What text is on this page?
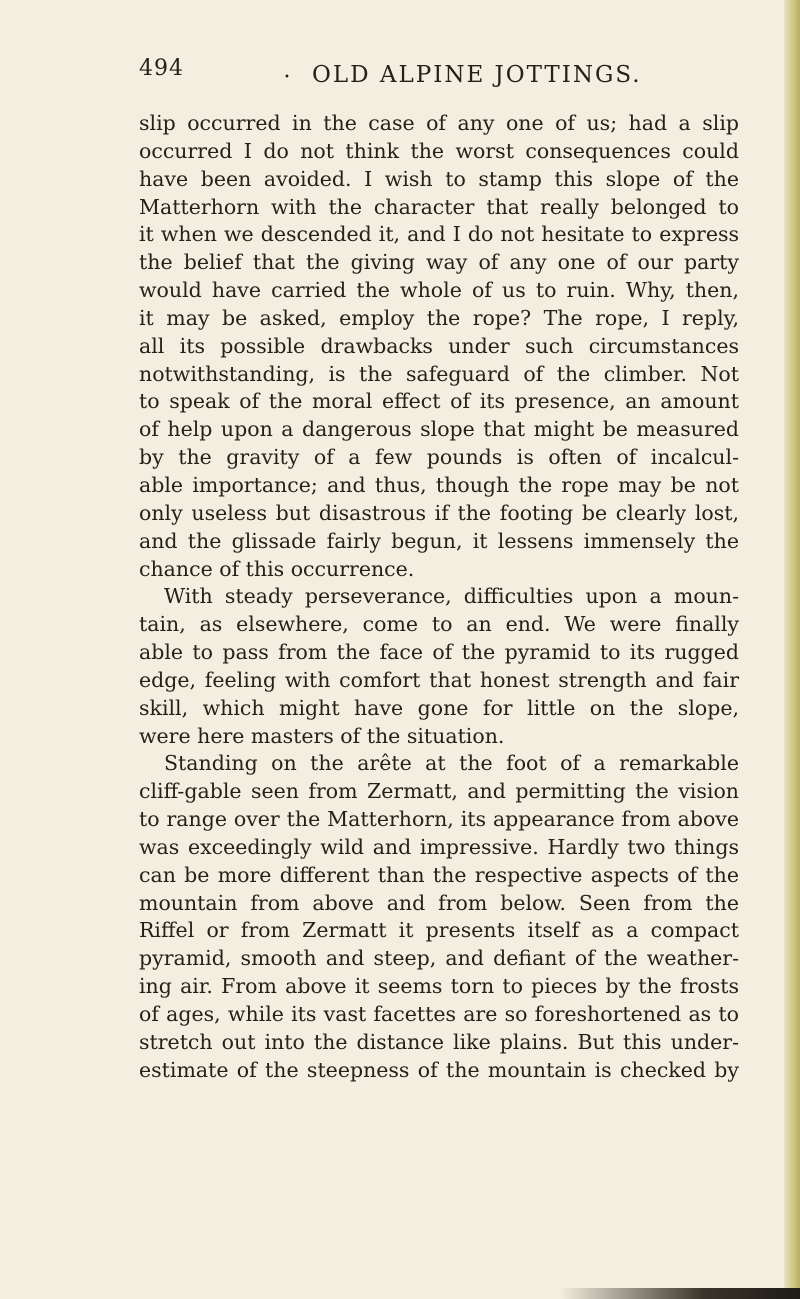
494	• OLD ALPINE JOTTINGS.
slip occurred in the case of any one of us; had a slip
occurred I do not think the worst consequences could
have been avoided. I wish to stamp this slope of the
Matterhorn with the character that really belonged to
it when we descended it, and I do not hesitate to express
the belief that the giving way of any one of our party
would have carried the whole of us to ruin. Why, then,
it may be asked, employ the rope? The rope, I reply,
all its possible drawbacks under such circumstances
notwithstanding, is the safeguard of the climber. Not
to speak of the moral effect of its presence, an amount
of help upon a dangerous slope that might be measured
by the gravity of a few pounds is often of incalcul-
able importance; and thus, though the rope may be not
only useless but disastrous if the footing be clearly lost,
and the glissade fairly begun, it lessens immensely the
chance of this occurrence.
With steady perseverance, difficulties upon a moun-
tain, as elsewhere, come to an end. We were finally
able to pass from the face of the pyramid to its rugged
edge, feeling with comfort that honest strength and fair
skill, which might have gone for little on the slope,
were here masters of the situation.
Standing on the arête at the foot of a remarkable
cliff-gable seen from Zermatt, and permitting the vision
to range over the Matterhorn, its appearance from above
was exceedingly wild and impressive. Hardly two things
can be more different than the respective aspects of the
mountain from above and from below. Seen from the
Riffel or from Zermatt it presents itself as a compact
pyramid, smooth and steep, and defiant of the weather-
ing air. From above it seems torn to pieces by the frosts
of ages, while its vast facettes are so foreshortened as to
stretch out into the distance like plains. But this under-
estimate of the steepness of the mountain is checked by
